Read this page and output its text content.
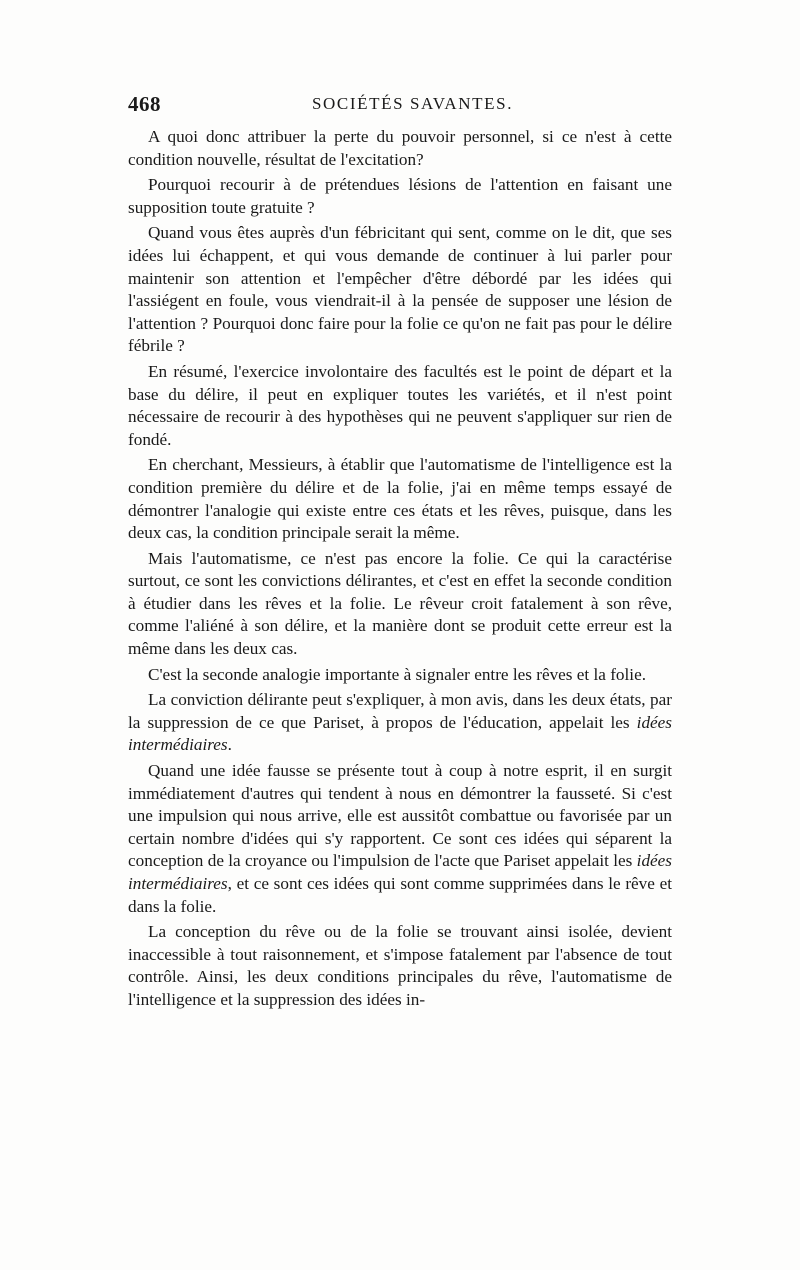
468	SOCIÉTÉS SAVANTES.

A quoi donc attribuer la perte du pouvoir personnel, si ce n'est à cette condition nouvelle, résultat de l'excitation?

Pourquoi recourir à de prétendues lésions de l'attention en faisant une supposition toute gratuite ?

Quand vous êtes auprès d'un fébricitant qui sent, comme on le dit, que ses idées lui échappent, et qui vous demande de continuer à lui parler pour maintenir son attention et l'empêcher d'être débordé par les idées qui l'assiégent en foule, vous viendrait-il à la pensée de supposer une lésion de l'attention ? Pourquoi donc faire pour la folie ce qu'on ne fait pas pour le délire fébrile ?

En résumé, l'exercice involontaire des facultés est le point de départ et la base du délire, il peut en expliquer toutes les variétés, et il n'est point nécessaire de recourir à des hypothèses qui ne peuvent s'appliquer sur rien de fondé.

En cherchant, Messieurs, à établir que l'automatisme de l'intelligence est la condition première du délire et de la folie, j'ai en même temps essayé de démontrer l'analogie qui existe entre ces états et les rêves, puisque, dans les deux cas, la condition principale serait la même.

Mais l'automatisme, ce n'est pas encore la folie. Ce qui la caractérise surtout, ce sont les convictions délirantes, et c'est en effet la seconde condition à étudier dans les rêves et la folie. Le rêveur croit fatalement à son rêve, comme l'aliéné à son délire, et la manière dont se produit cette erreur est la même dans les deux cas.

C'est la seconde analogie importante à signaler entre les rêves et la folie.

La conviction délirante peut s'expliquer, à mon avis, dans les deux états, par la suppression de ce que Pariset, à propos de l'éducation, appelait les idées intermédiaires.

Quand une idée fausse se présente tout à coup à notre esprit, il en surgit immédiatement d'autres qui tendent à nous en démontrer la fausseté. Si c'est une impulsion qui nous arrive, elle est aussitôt combattue ou favorisée par un certain nombre d'idées qui s'y rapportent. Ce sont ces idées qui séparent la conception de la croyance ou l'impulsion de l'acte que Pariset appelait les idées intermédiaires, et ce sont ces idées qui sont comme supprimées dans le rêve et dans la folie.

La conception du rêve ou de la folie se trouvant ainsi isolée, devient inaccessible à tout raisonnement, et s'impose fatalement par l'absence de tout contrôle. Ainsi, les deux conditions principales du rêve, l'automatisme de l'intelligence et la suppression des idées in-
